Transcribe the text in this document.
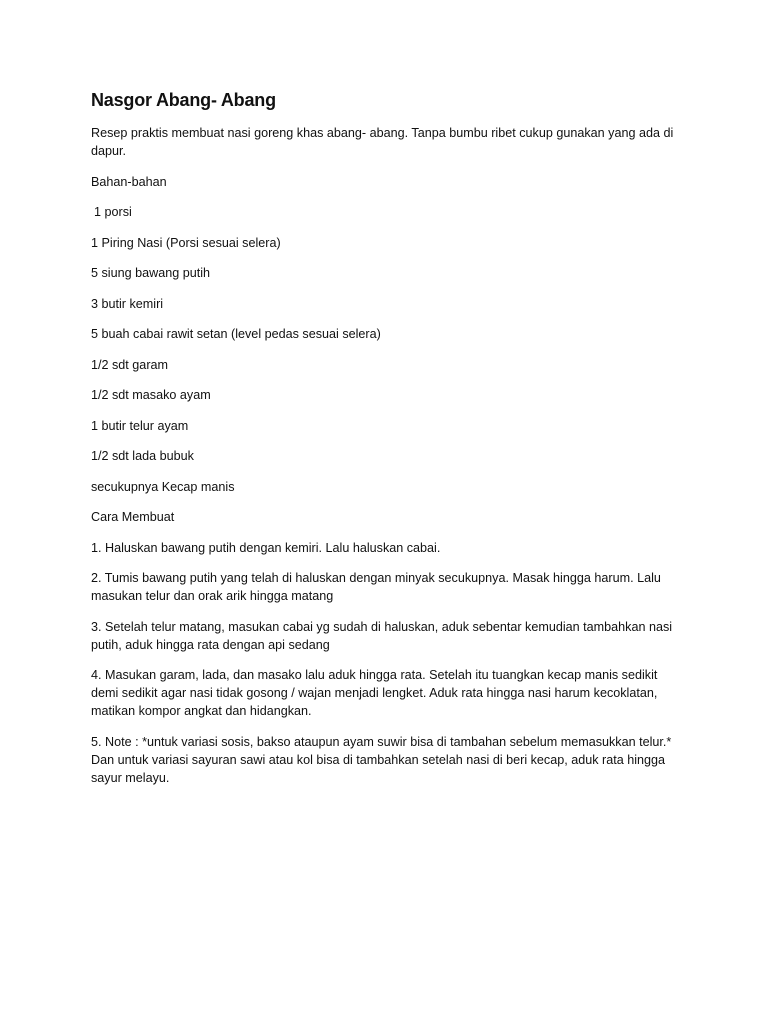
Nasgor Abang- Abang

Resep praktis membuat nasi goreng khas abang- abang. Tanpa bumbu ribet cukup gunakan yang ada di dapur.

Bahan-bahan

1 porsi

1 Piring Nasi (Porsi sesuai selera)

5 siung bawang putih

3 butir kemiri

5 buah cabai rawit setan (level pedas sesuai selera)

1/2 sdt garam

1/2 sdt masako ayam

1 butir telur ayam

1/2 sdt lada bubuk

secukupnya Kecap manis

Cara Membuat

1. Haluskan bawang putih dengan kemiri. Lalu haluskan cabai.

2. Tumis bawang putih yang telah di haluskan dengan minyak secukupnya. Masak hingga harum. Lalu masukan telur dan orak arik hingga matang

3. Setelah telur matang, masukan cabai yg sudah di haluskan, aduk sebentar kemudian tambahkan nasi putih, aduk hingga rata dengan api sedang

4. Masukan garam, lada, dan masako lalu aduk hingga rata. Setelah itu tuangkan kecap manis sedikit demi sedikit agar nasi tidak gosong / wajan menjadi lengket. Aduk rata hingga nasi harum kecoklatan, matikan kompor angkat dan hidangkan.

5. Note : *untuk variasi sosis, bakso ataupun ayam suwir bisa di tambahan sebelum memasukkan telur.* Dan untuk variasi sayuran sawi atau kol bisa di tambahkan setelah nasi di beri kecap, aduk rata hingga sayur melayu.
